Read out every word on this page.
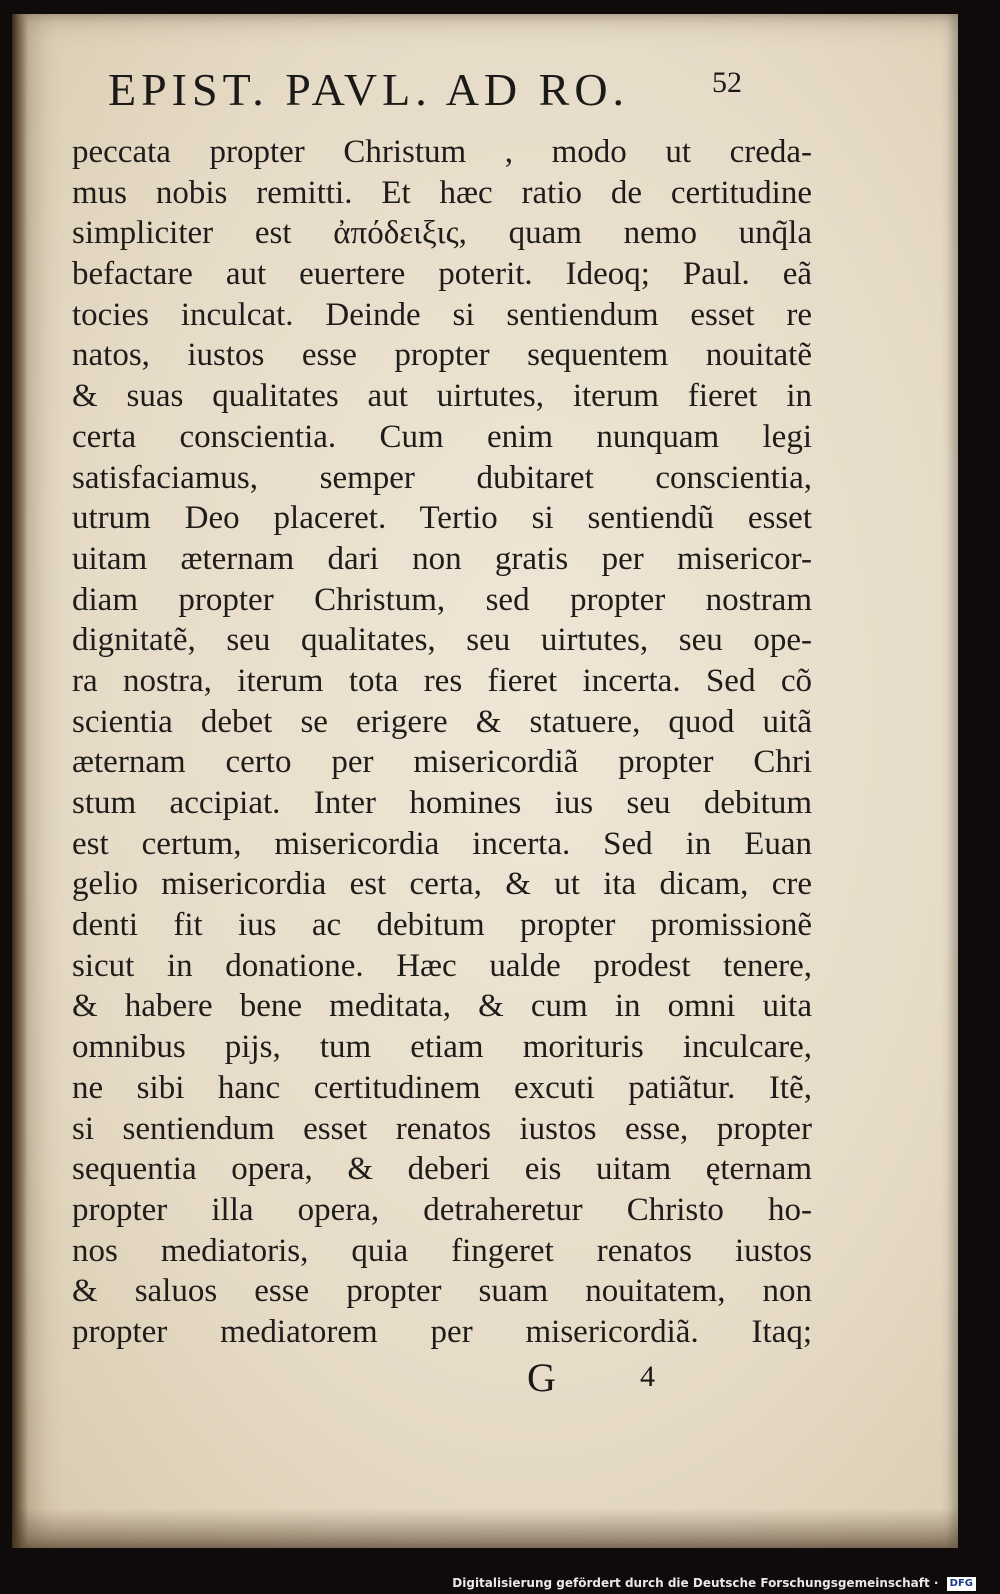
EPIST. PAVL. AD RO.	52
peccata propter Christum , modo ut creda-
mus nobis remitti. Et hæc ratio de certitudine
simpliciter est ἀπόδειξις, quam nemo unq̃la
befactare aut euertere poterit. Ideoq; Paul. eã
tocies inculcat. Deinde si sentiendum esset re
natos, iustos esse propter sequentem nouitatẽ
& suas qualitates aut uirtutes, iterum fieret in
certa conscientia. Cum enim nunquam legi
satisfaciamus, semper dubitaret conscientia,
utrum Deo placeret. Tertio si sentiendũ esset
uitam æternam dari non gratis per misericor-
diam propter Christum, sed propter nostram
dignitatẽ, seu qualitates, seu uirtutes, seu ope-
ra nostra, iterum tota res fieret incerta. Sed cõ
scientia debet se erigere & statuere, quod uitã
æternam certo per misericordiã propter Chri
stum accipiat. Inter homines ius seu debitum
est certum, misericordia incerta. Sed in Euan
gelio misericordia est certa, & ut ita dicam, cre
denti fit ius ac debitum propter promissionẽ
sicut in donatione. Hæc ualde prodest tenere,
& habere bene meditata, & cum in omni uita
omnibus pijs, tum etiam morituris inculcare,
ne sibi hanc certitudinem excuti patiãtur. Itẽ,
si sentiendum esset renatos iustos esse, propter
sequentia opera, & deberi eis uitam ęternam
propter illa opera, detraheretur Christo ho-
nos mediatoris, quia fingeret renatos iustos
& saluos esse propter suam nouitatem, non
propter mediatorem per misericordiã. Itaq;
G	4
Digitalisierung gefördert durch die Deutsche Forschungsgemeinschaft · DFG
